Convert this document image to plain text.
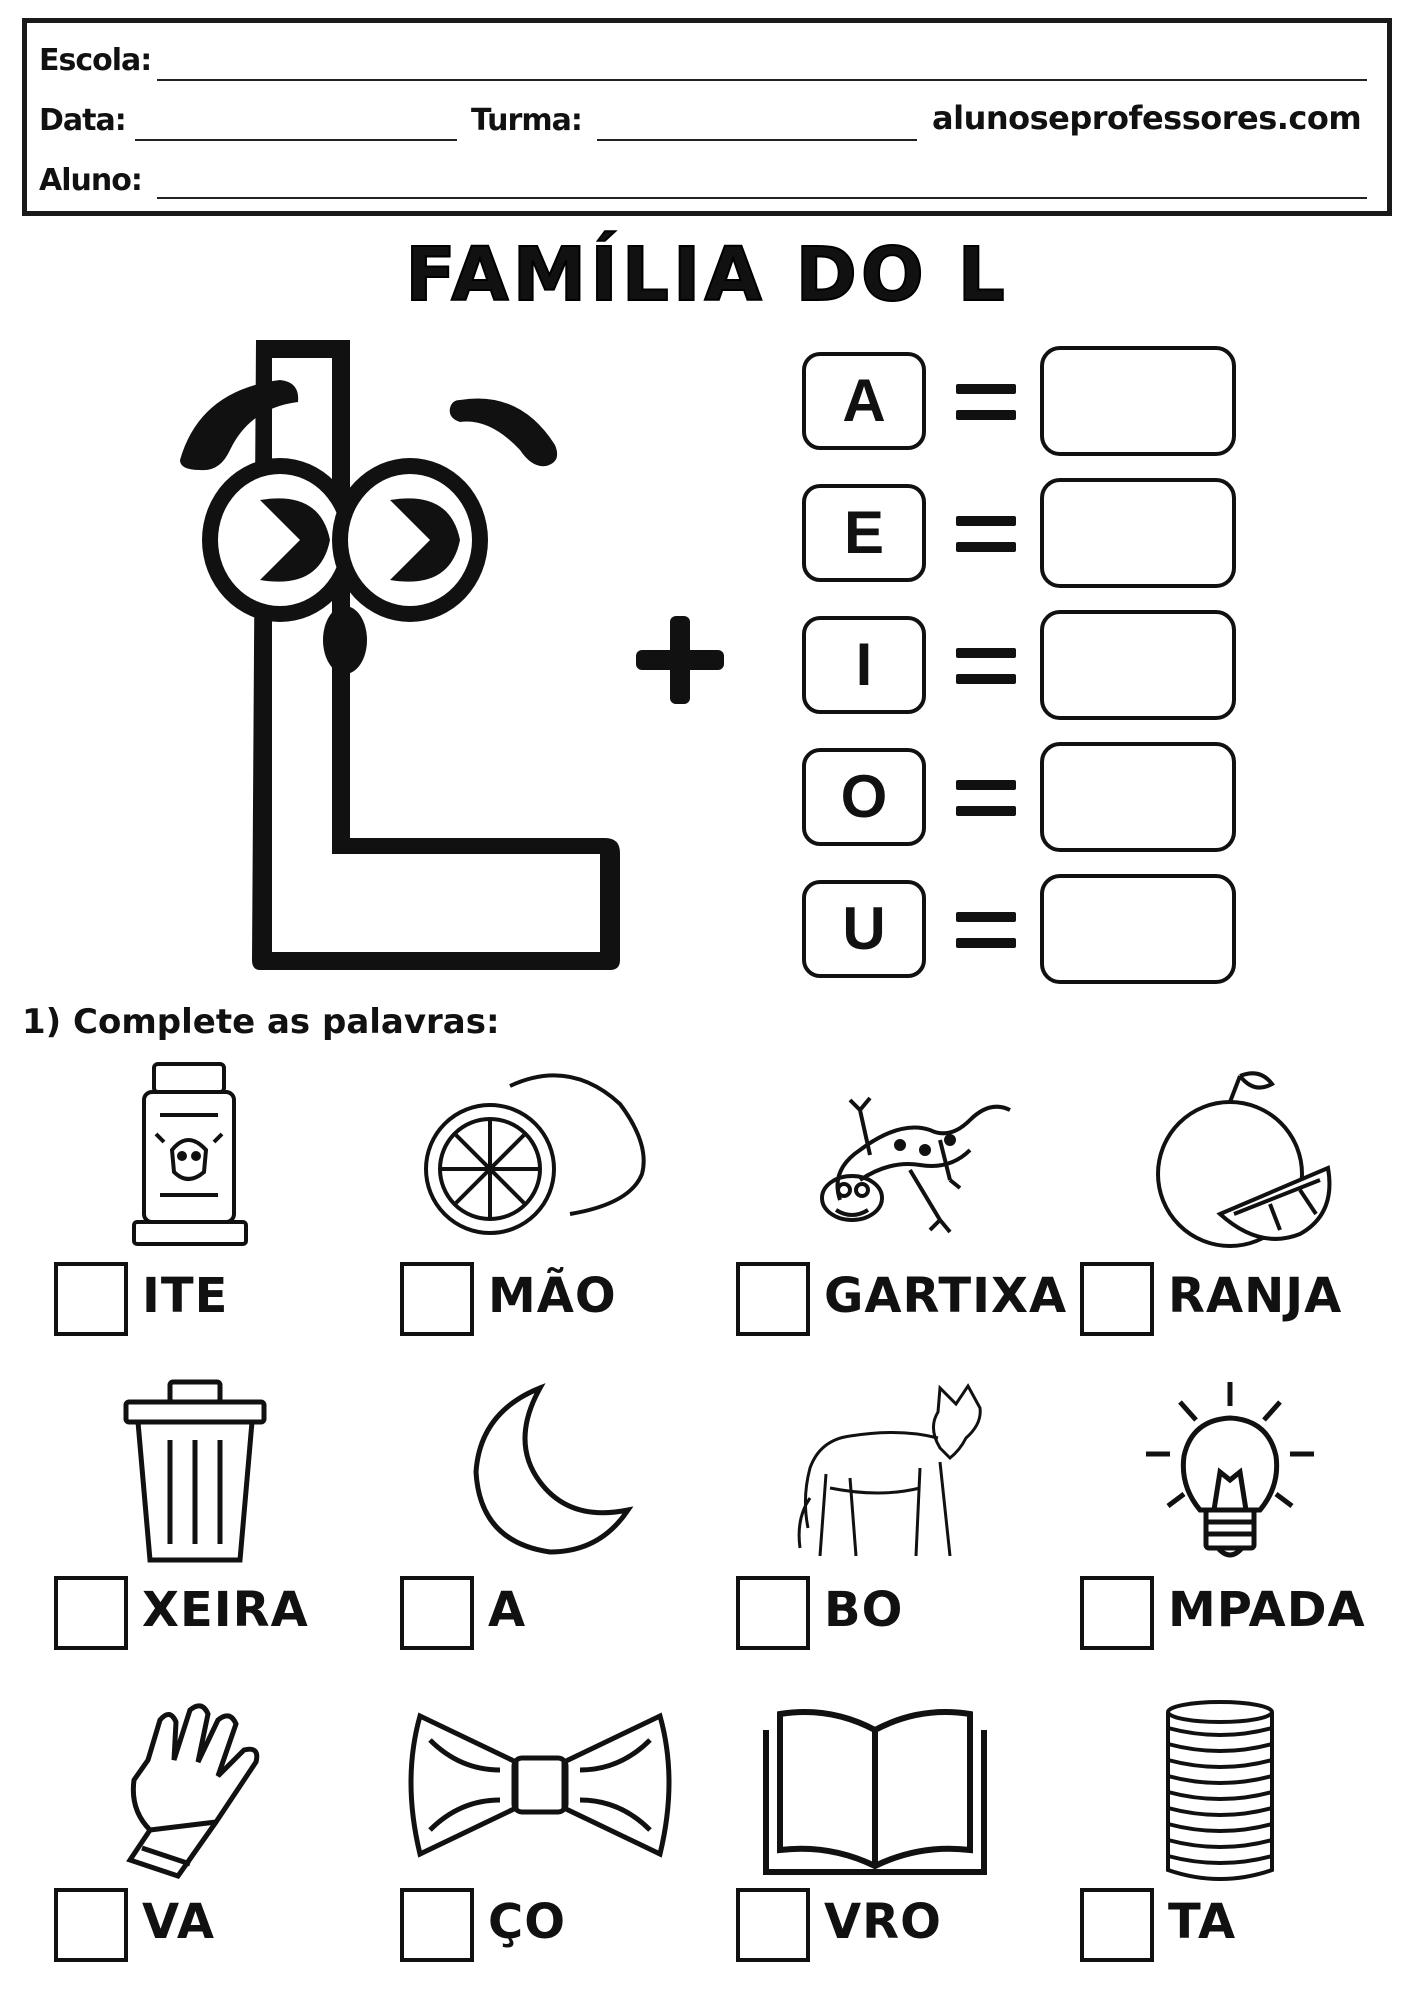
Escola:
Data:	Turma:	alunoseprofessores.com
Aluno:
FAMÍLIA DO L
A
E
I
O
U
1) Complete as palavras:
ITE	MÃO	GARTIXA RANJA
XEIRA	A	BO	MPADA
VA	ÇO	VRO	TA
